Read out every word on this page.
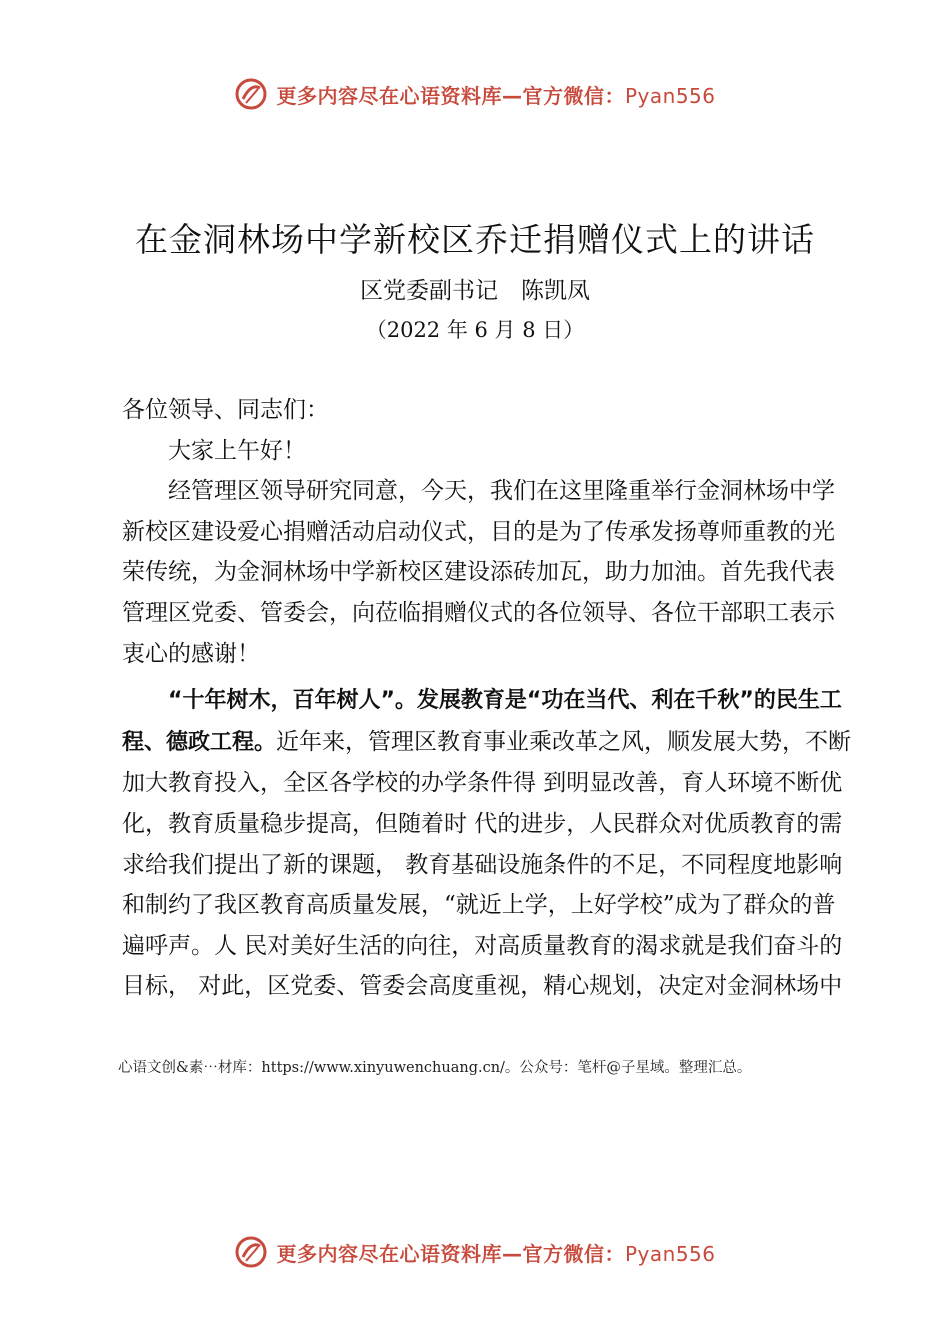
更多内容尽在心语资料库—官方微信：Pyan556
在金洞林场中学新校区乔迁捐赠仪式上的讲话
区党委副书记　陈凯凤
（2022 年 6 月 8 日）

各位领导、同志们：

大家上午好！

经管理区领导研究同意，今天，我们在这里隆重举行金洞林场中学新校区建设爱心捐赠活动启动仪式，目的是为了传承发扬尊师重教的光荣传统，为金洞林场中学新校区建设添砖加瓦，助力加油。首先我代表管理区党委、管委会，向莅临捐赠仪式的各位领导、各位干部职工表示衷心的感谢！

“十年树木，百年树人”。发展教育是“功在当代、利在千秋”的民生工程、德政工程。近年来，管理区教育事业乘改革之风，顺发展大势，不断加大教育投入，全区各学校的办学条件得 到明显改善，育人环境不断优化，教育质量稳步提高，但随着时 代的进步，人民群众对优质教育的需求给我们提出了新的课题， 教育基础设施条件的不足，不同程度地影响和制约了我区教育高质量发展，“就近上学，上好学校”成为了群众的普遍呼声。人 民对美好生活的向往，对高质量教育的渴求就是我们奋斗的目标， 对此，区党委、管委会高度重视，精心规划，决定对金洞林场中

心语文创&素⋯材库：https://www.xinyuwenchuang.cn/。公众号：笔杆@子星域。整理汇总。
更多内容尽在心语资料库—官方微信：Pyan556
